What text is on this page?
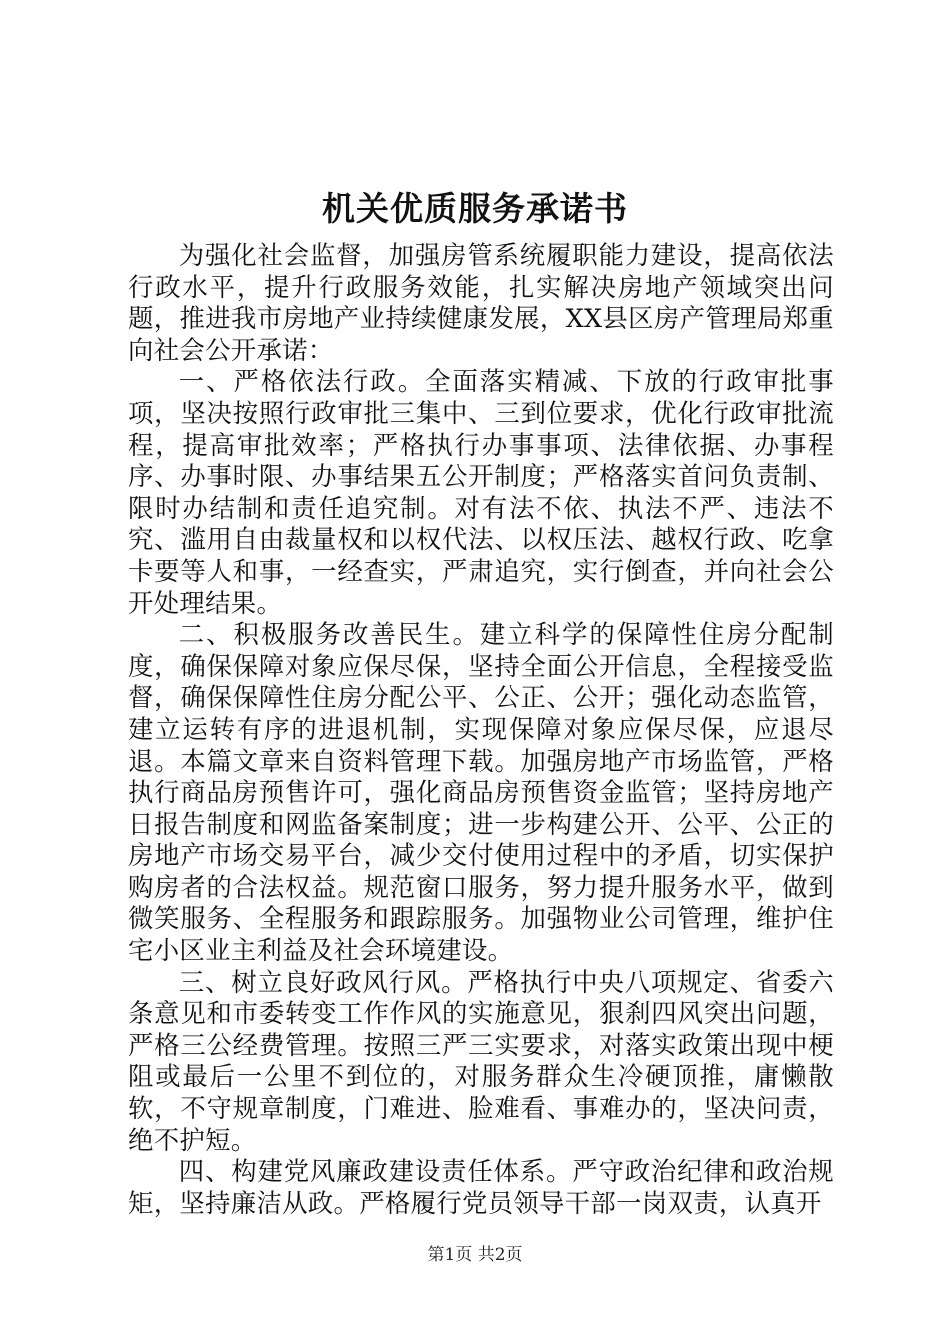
机关优质服务承诺书

为强化社会监督，加强房管系统履职能力建设，提高依法行政水平，提升行政服务效能，扎实解决房地产领域突出问题，推进我市房地产业持续健康发展，XX县区房产管理局郑重向社会公开承诺：

一、严格依法行政。全面落实精减、下放的行政审批事项，坚决按照行政审批三集中、三到位要求，优化行政审批流程，提高审批效率；严格执行办事事项、法律依据、办事程序、办事时限、办事结果五公开制度；严格落实首问负责制、限时办结制和责任追究制。对有法不依、执法不严、违法不究、滥用自由裁量权和以权代法、以权压法、越权行政、吃拿卡要等人和事，一经查实，严肃追究，实行倒查，并向社会公开处理结果。

二、积极服务改善民生。建立科学的保障性住房分配制度，确保保障对象应保尽保，坚持全面公开信息，全程接受监督，确保保障性住房分配公平、公正、公开；强化动态监管，建立运转有序的进退机制，实现保障对象应保尽保，应退尽退。本篇文章来自资料管理下载。加强房地产市场监管，严格执行商品房预售许可，强化商品房预售资金监管；坚持房地产日报告制度和网监备案制度；进一步构建公开、公平、公正的房地产市场交易平台，减少交付使用过程中的矛盾，切实保护购房者的合法权益。规范窗口服务，努力提升服务水平，做到微笑服务、全程服务和跟踪服务。加强物业公司管理，维护住宅小区业主利益及社会环境建设。

三、树立良好政风行风。严格执行中央八项规定、省委六条意见和市委转变工作作风的实施意见，狠刹四风突出问题，严格三公经费管理。按照三严三实要求，对落实政策出现中梗阻或最后一公里不到位的，对服务群众生冷硬顶推，庸懒散软，不守规章制度，门难进、脸难看、事难办的，坚决问责，绝不护短。

四、构建党风廉政建设责任体系。严守政治纪律和政治规矩，坚持廉洁从政。严格履行党员领导干部一岗双责，认真开

第1页 共2页
